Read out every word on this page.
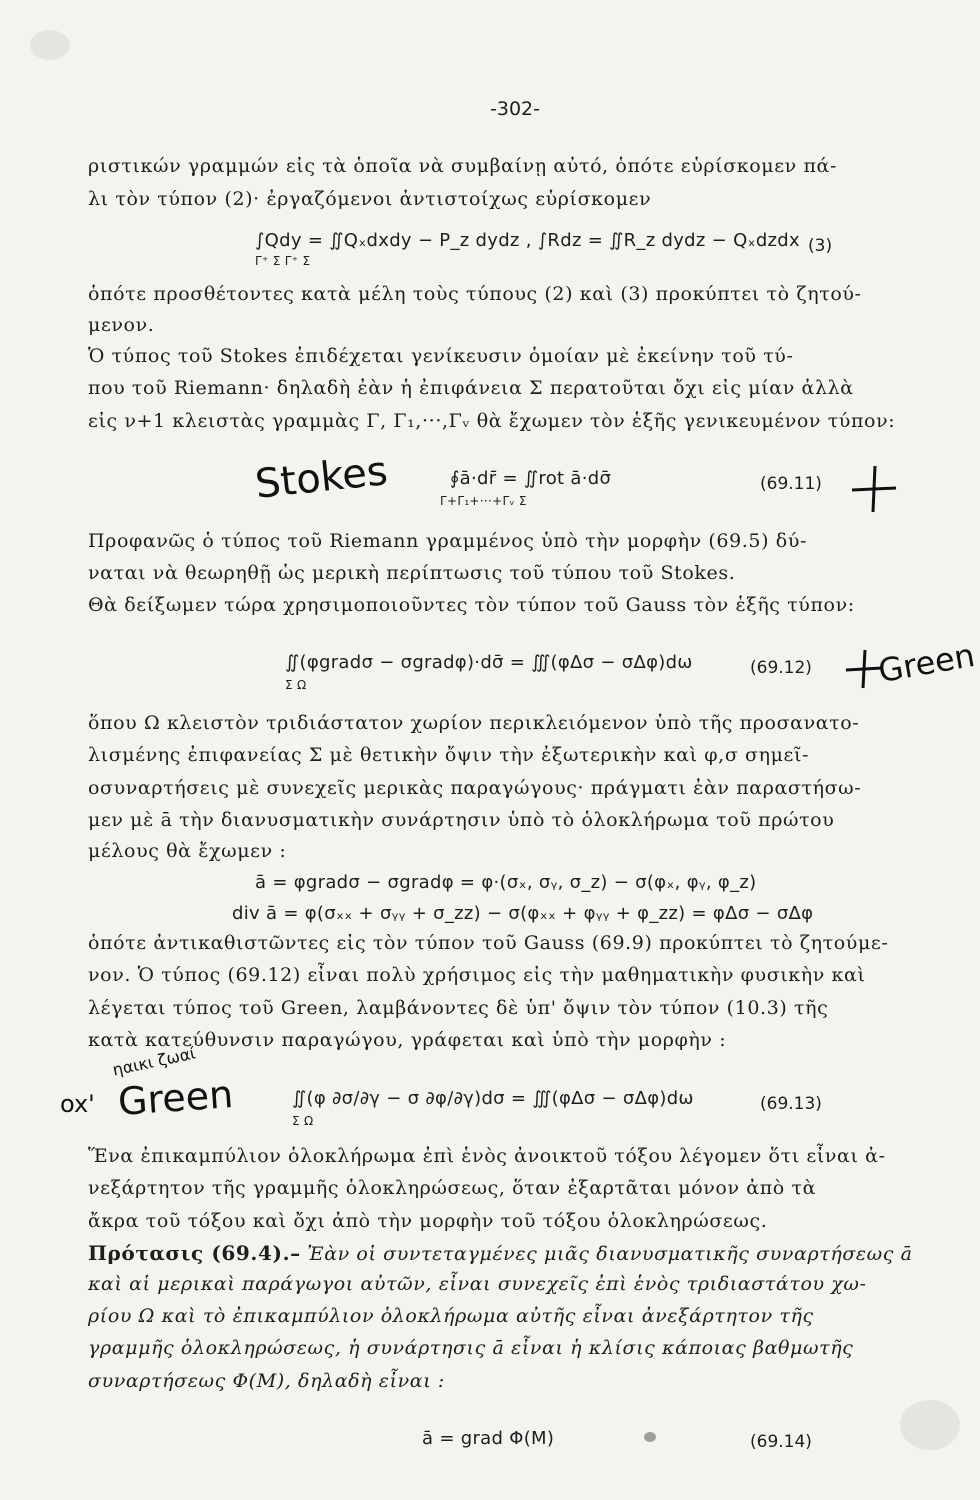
-302-
ριστικών γραμμών εἰς τὰ ὁποῖα νὰ συμβαίνῃ αὐτό, ὁπότε εὑρίσκομεν πά-
λι τὸν τύπον (2)· ἐργαζόμενοι ἀντιστοίχως εὑρίσκομεν
∫Qdy = ∬Qₓdxdy − P_z dydz , ∫Rdz = ∬R_z dydz − Qₓdzdx
Γ⁺ Σ Γ⁺ Σ
(3)
ὁπότε προσθέτοντες κατὰ μέλη τοὺς τύπους (2) καὶ (3) προκύπτει τὸ ζητού-
μενον.
Ὁ τύπος τοῦ Stokes ἐπιδέχεται γενίκευσιν ὁμοίαν μὲ ἐκείνην τοῦ τύ-
που τοῦ Riemann· δηλαδὴ ἐὰν ἡ ἐπιφάνεια Σ περατοῦται ὄχι εἰς μίαν ἀλλὰ
εἰς ν+1 κλειστὰς γραμμὰς Γ, Γ₁,···,Γᵥ θὰ ἔχωμεν τὸν ἑξῆς γενικευμένον τύπον:
Stokes	∮ā·dr̄ = ∬rot ā·dσ̄
Γ+Γ₁+···+Γᵥ Σ
(69.11)
Προφανῶς ὁ τύπος τοῦ Riemann γραμμένος ὑπὸ τὴν μορφὴν (69.5) δύ-
ναται νὰ θεωρηθῇ ὡς μερικὴ περίπτωσις τοῦ τύπου τοῦ Stokes.
Θὰ δείξωμεν τώρα χρησιμοποιοῦντες τὸν τύπον τοῦ Gauss τὸν ἑξῆς τύπον:
∬(φgradσ − σgradφ)·dσ̄ = ∭(φΔσ − σΔφ)dω
Σ Ω
(69.12) Green
ὅπου Ω κλειστὸν τριδιάστατον χωρίον περικλειόμενον ὑπὸ τῆς προσανατο-
λισμένης ἐπιφανείας Σ μὲ θετικὴν ὄψιν τὴν ἐξωτερικὴν καὶ φ,σ σημεῖ-
οσυναρτήσεις μὲ συνεχεῖς μερικὰς παραγώγους· πράγματι ἐὰν παραστήσω-
μεν μὲ ā τὴν διανυσματικὴν συνάρτησιν ὑπὸ τὸ ὁλοκλήρωμα τοῦ πρώτου
μέλους θὰ ἔχωμεν :
ā = φgradσ − σgradφ = φ·(σₓ, σᵧ, σ_z) − σ(φₓ, φᵧ, φ_z)
div ā = φ(σₓₓ + σᵧᵧ + σ_zz) − σ(φₓₓ + φᵧᵧ + φ_zz) = φΔσ − σΔφ
ὁπότε ἀντικαθιστῶντες εἰς τὸν τύπον τοῦ Gauss (69.9) προκύπτει τὸ ζητούμε-
νον. Ὁ τύπος (69.12) εἶναι πολὺ χρήσιμος εἰς τὴν μαθηματικὴν φυσικὴν καὶ
λέγεται τύπος τοῦ Green, λαμβάνοντες δὲ ὑπ' ὄψιν τὸν τύπον (10.3) τῆς
κατὰ κατεύθυνσιν παραγώγου, γράφεται καὶ ὑπὸ τὴν μορφὴν :
ox'
ηαικι ζωαί
Green	∬(φ ∂σ/∂γ − σ ∂φ/∂γ)dσ = ∭(φΔσ − σΔφ)dω
Σ Ω
(69.13)
Ἕνα ἐπικαμπύλιον ὁλοκλήρωμα ἐπὶ ἑνὸς ἀνοικτοῦ τόξου λέγομεν ὅτι εἶναι ἀ-
νεξάρτητον τῆς γραμμῆς ὁλοκληρώσεως, ὅταν ἐξαρτᾶται μόνον ἀπὸ τὰ
ἄκρα τοῦ τόξου καὶ ὄχι ἀπὸ τὴν μορφὴν τοῦ τόξου ὁλοκληρώσεως.
Πρότασις (69.4).– Ἐὰν οἱ συντεταγμένες μιᾶς διανυσματικῆς συναρτήσεως ā
καὶ αἱ μερικαὶ παράγωγοι αὐτῶν, εἶναι συνεχεῖς ἐπὶ ἑνὸς τριδιαστάτου χω-
ρίου Ω καὶ τὸ ἐπικαμπύλιον ὁλοκλήρωμα αὐτῆς εἶναι ἀνεξάρτητον τῆς
γραμμῆς ὁλοκληρώσεως, ἡ συνάρτησις ā εἶναι ἡ κλίσις κάποιας βαθμωτῆς
συναρτήσεως Φ(Μ), δηλαδὴ εἶναι :
ā = grad Φ(Μ)	(69.14)
